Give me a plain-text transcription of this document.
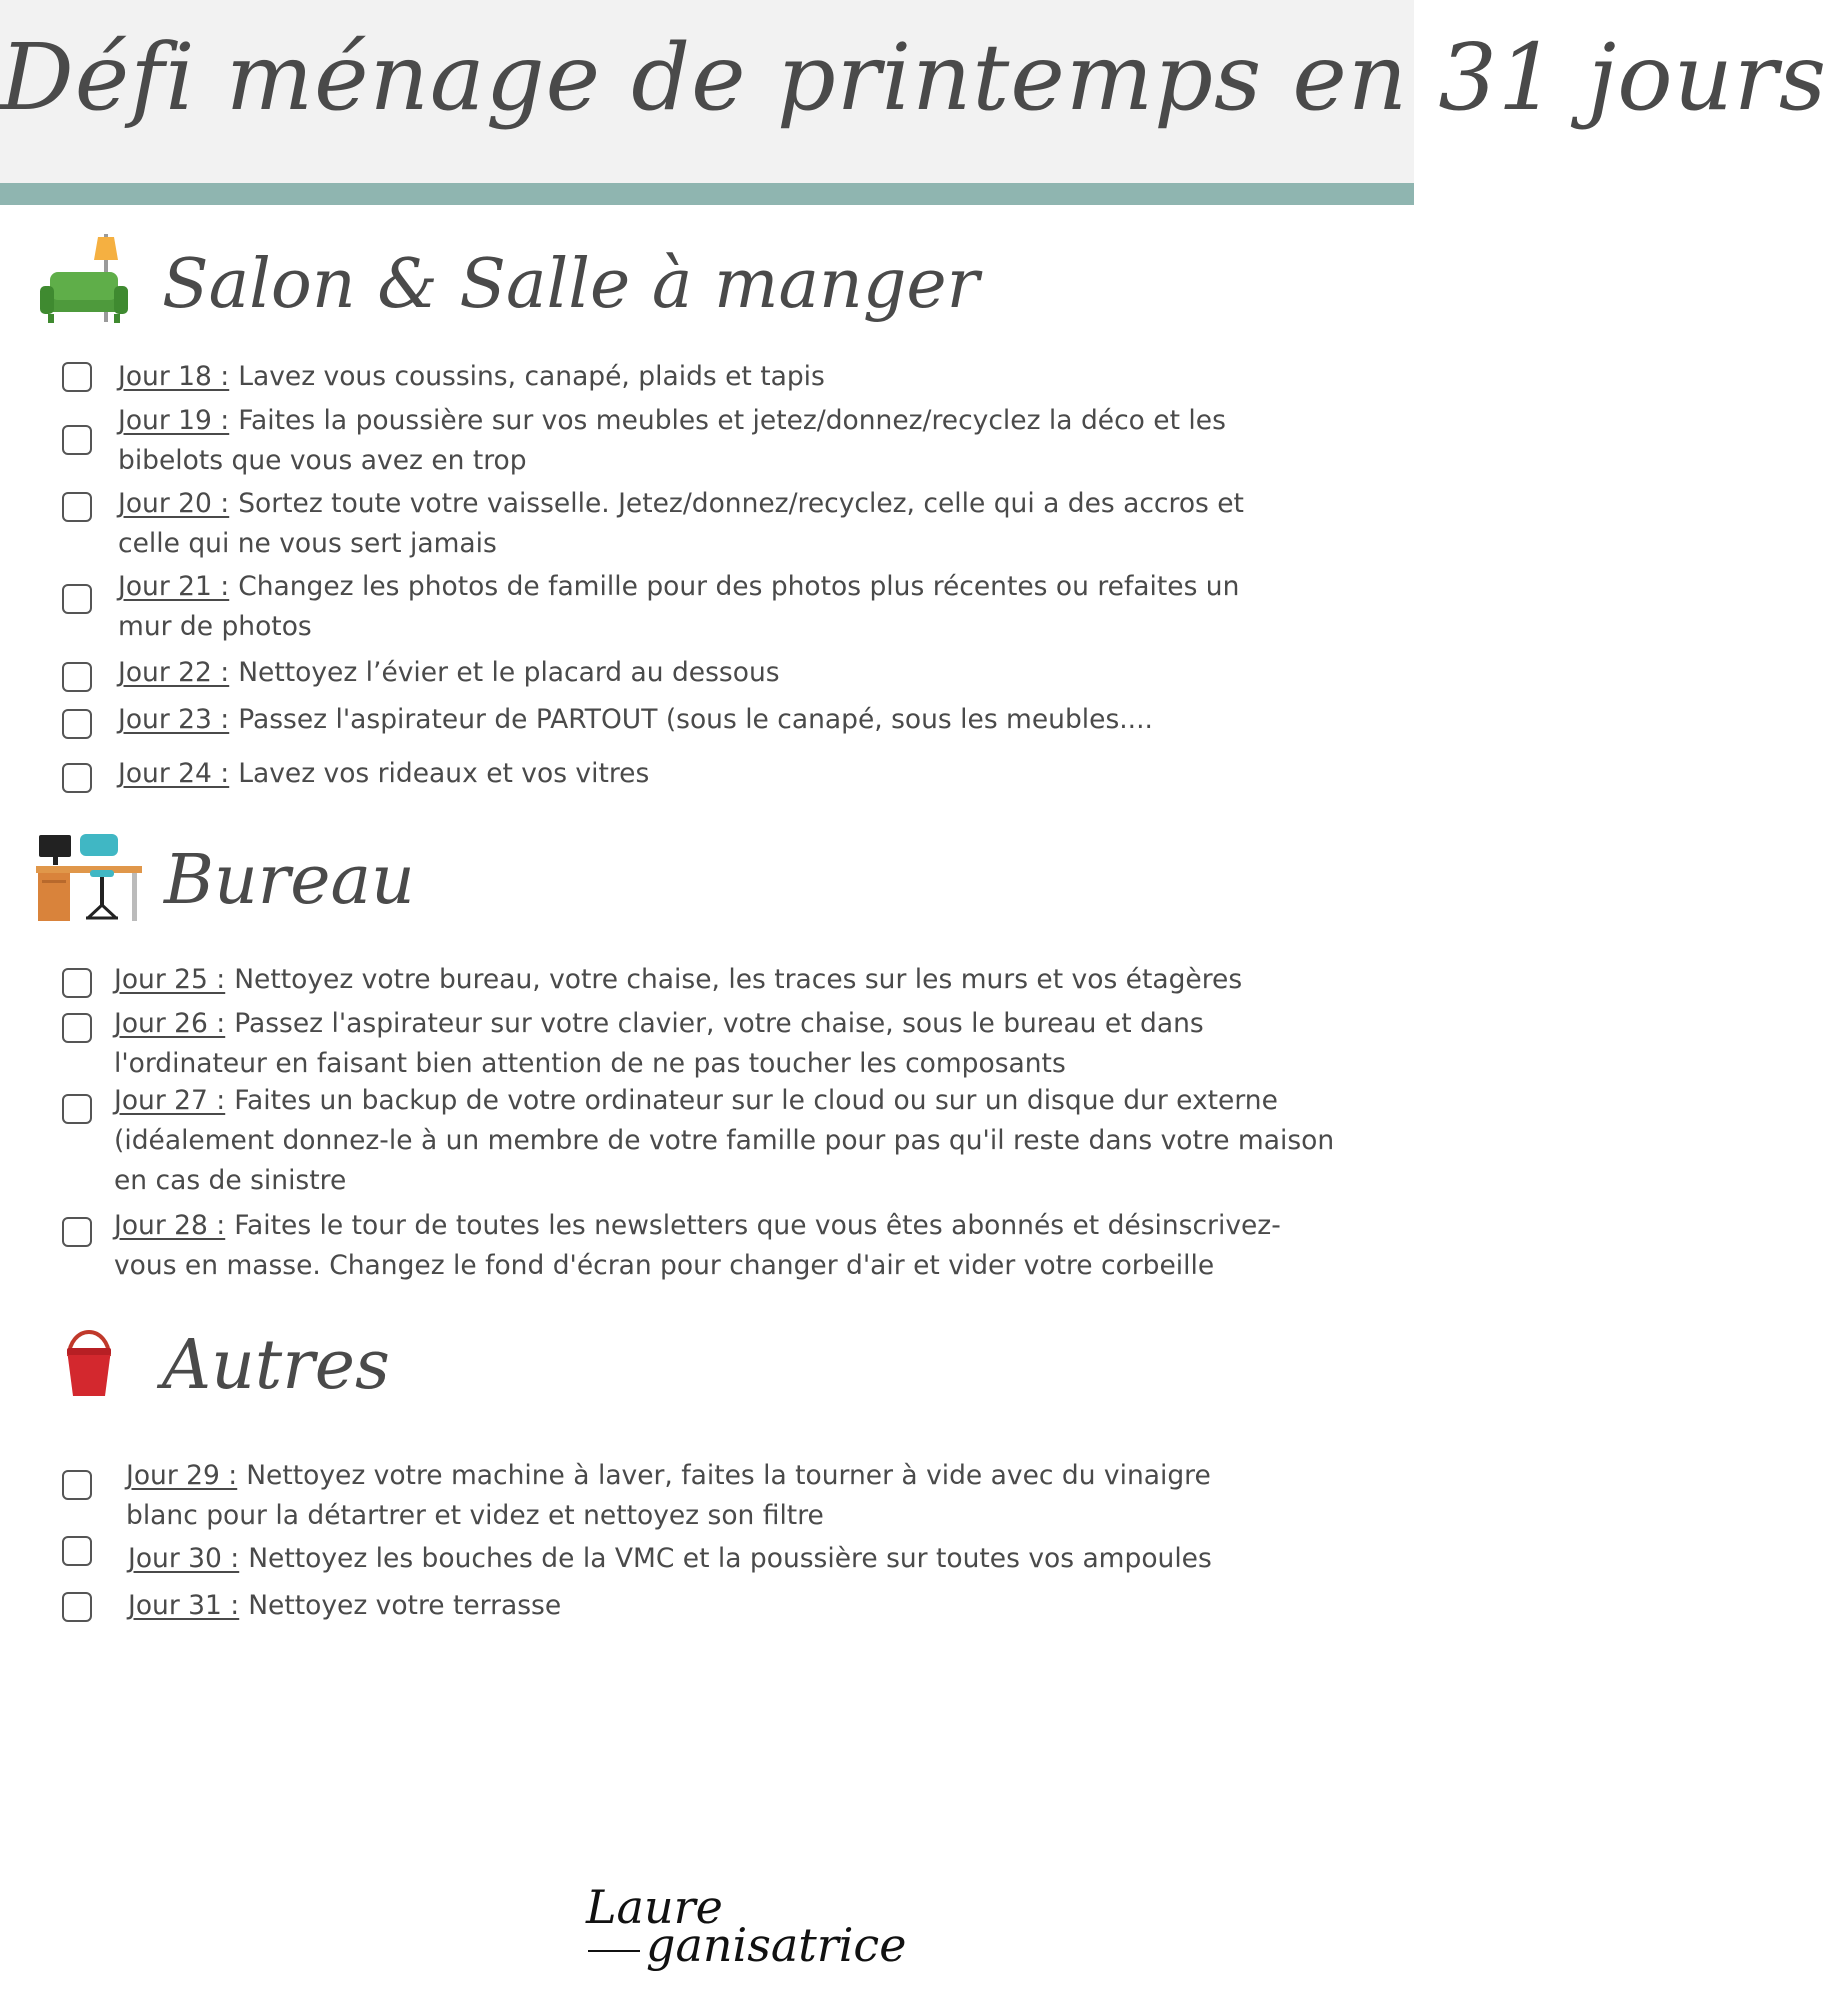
Défi ménage de printemps en 31 jours
Salon & Salle à manger
Jour 18 : Lavez vous coussins, canapé, plaids et tapis
Jour 19 : Faites la poussière sur vos meubles et jetez/donnez/recyclez la déco et les bibelots que vous avez en trop
Jour 20 : Sortez toute votre vaisselle. Jetez/donnez/recyclez, celle qui a des accros et celle qui ne vous sert jamais
Jour 21 : Changez les photos de famille pour des photos plus récentes ou refaites un mur de photos
Jour 22 : Nettoyez l’évier et le placard au dessous
Jour 23 : Passez l'aspirateur de PARTOUT (sous le canapé, sous les meubles....
Jour 24 : Lavez vos rideaux et vos vitres
Bureau
Jour 25 : Nettoyez votre bureau, votre chaise, les traces sur les murs et vos étagères
Jour 26 : Passez l'aspirateur sur votre clavier, votre chaise, sous le bureau et dans l'ordinateur en faisant bien attention de ne pas toucher les composants
Jour 27 : Faites un backup de votre ordinateur sur le cloud ou sur un disque dur externe (idéalement donnez-le à un membre de votre famille pour pas qu'il reste dans votre maison en cas de sinistre
Jour 28 : Faites le tour de toutes les newsletters que vous êtes abonnés et désinscrivez-vous en masse. Changez le fond d'écran pour changer d'air et vider votre corbeille
Autres
Jour 29 : Nettoyez votre machine à laver, faites la tourner à vide avec du vinaigre blanc pour la détartrer et videz et nettoyez son filtre
Jour 30 : Nettoyez les bouches de la VMC et la poussière sur toutes vos ampoules
Jour 31 : Nettoyez votre terrasse
Laure
ganisatrice
